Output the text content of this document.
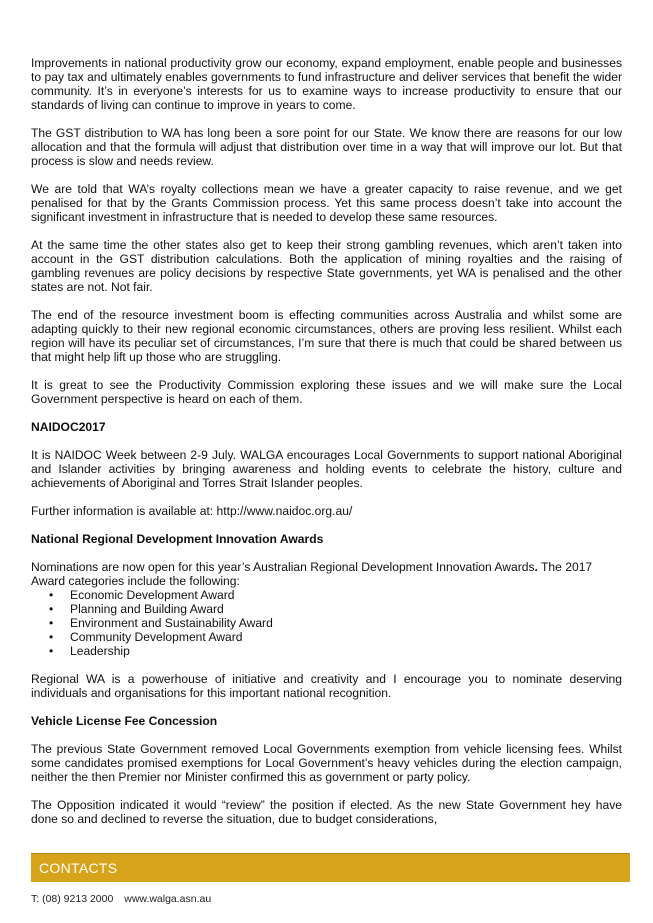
Improvements in national productivity grow our economy, expand employment, enable people and businesses to pay tax and ultimately enables governments to fund infrastructure and deliver services that benefit the wider community. It’s in everyone’s interests for us to examine ways to increase productivity to ensure that our standards of living can continue to improve in years to come.

The GST distribution to WA has long been a sore point for our State. We know there are reasons for our low allocation and that the formula will adjust that distribution over time in a way that will improve our lot. But that process is slow and needs review.

We are told that WA’s royalty collections mean we have a greater capacity to raise revenue, and we get penalised for that by the Grants Commission process. Yet this same process doesn’t take into account the significant investment in infrastructure that is needed to develop these same resources.

At the same time the other states also get to keep their strong gambling revenues, which aren’t taken into account in the GST distribution calculations. Both the application of mining royalties and the raising of gambling revenues are policy decisions by respective State governments, yet WA is penalised and the other states are not. Not fair.

The end of the resource investment boom is effecting communities across Australia and whilst some are adapting quickly to their new regional economic circumstances, others are proving less resilient. Whilst each region will have its peculiar set of circumstances, I’m sure that there is much that could be shared between us that might help lift up those who are struggling.

It is great to see the Productivity Commission exploring these issues and we will make sure the Local Government perspective is heard on each of them.

NAIDOC2017

It is NAIDOC Week between 2-9 July. WALGA encourages Local Governments to support national Aboriginal and Islander activities by bringing awareness and holding events to celebrate the history, culture and achievements of Aboriginal and Torres Strait Islander peoples.

Further information is available at: http://www.naidoc.org.au/

National Regional Development Innovation Awards

Nominations are now open for this year’s Australian Regional Development Innovation Awards. The 2017 Award categories include the following:

• Economic Development Award
• Planning and Building Award
• Environment and Sustainability Award
• Community Development Award
• Leadership

Regional WA is a powerhouse of initiative and creativity and I encourage you to nominate deserving individuals and organisations for this important national recognition.

Vehicle License Fee Concession

The previous State Government removed Local Governments exemption from vehicle licensing fees. Whilst some candidates promised exemptions for Local Government’s heavy vehicles during the election campaign, neither the then Premier nor Minister confirmed this as government or party policy.

The Opposition indicated it would “review” the position if elected. As the new State Government hey have done so and declined to reverse the situation, due to budget considerations,

CONTACTS
T: (08) 9213 2000 www.walga.asn.au
